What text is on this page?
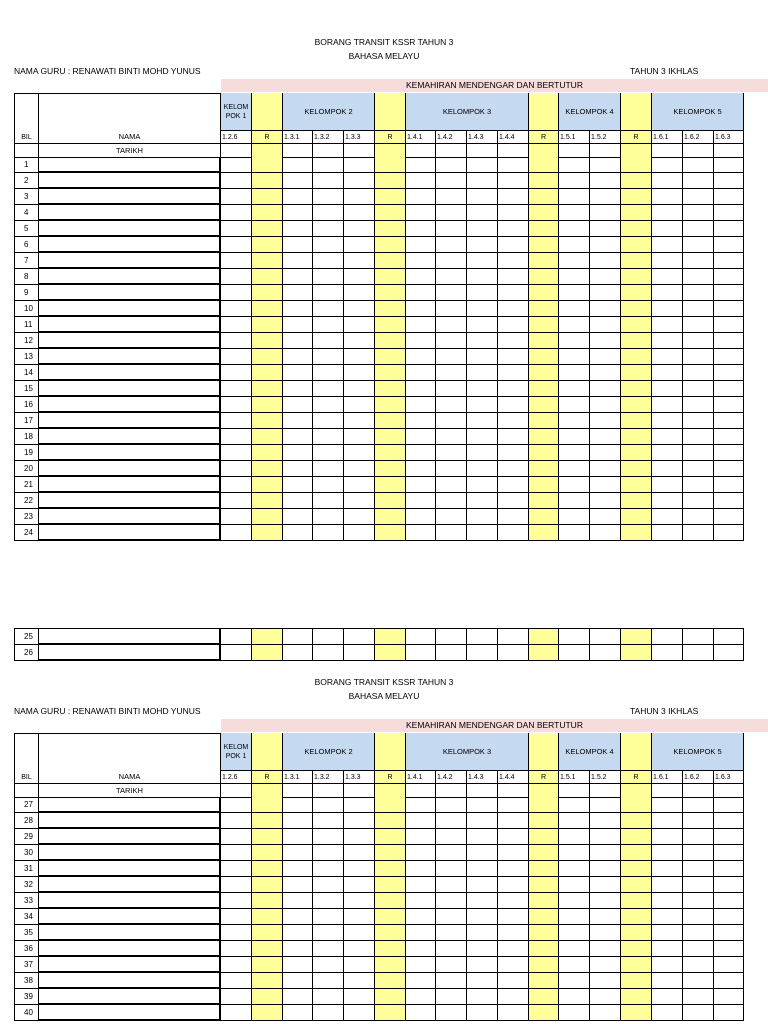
BORANG TRANSIT KSSR TAHUN 3
BAHASA MELAYU
NAMA GURU : RENAWATI BINTI MOHD YUNUS	TAHUN 3 IKHLAS
KEMAHIRAN MENDENGAR DAN BERTUTUR
BIL	NAMA
KELOM POK 1	KELOMPOK 2	KELOMPOK 3	KELOMPOK 4	KELOMPOK 5
1.2.6	R	1.3.1	1.3.2	1.3.3	R	1.4.1	1.4.2	1.4.3	1.4.4	R	1.5.1	1.5.2	R	1.6.1	1.6.2	1.6.3
TARIKH
1
2
3
4
5
6
7
8
9
10
11
12
13
14
15
16
17
18
19
20
21
22
23
24
25
26
BORANG TRANSIT KSSR TAHUN 3
BAHASA MELAYU
NAMA GURU : RENAWATI BINTI MOHD YUNUS	TAHUN 3 IKHLAS
KEMAHIRAN MENDENGAR DAN BERTUTUR
BIL	NAMA
KELOM POK 1	KELOMPOK 2	KELOMPOK 3	KELOMPOK 4	KELOMPOK 5
1.2.6	R	1.3.1	1.3.2	1.3.3	R	1.4.1	1.4.2	1.4.3	1.4.4	R	1.5.1	1.5.2	R	1.6.1	1.6.2	1.6.3
TARIKH
27
28
29
30
31
32
33
34
35
36
37
38
39
40
